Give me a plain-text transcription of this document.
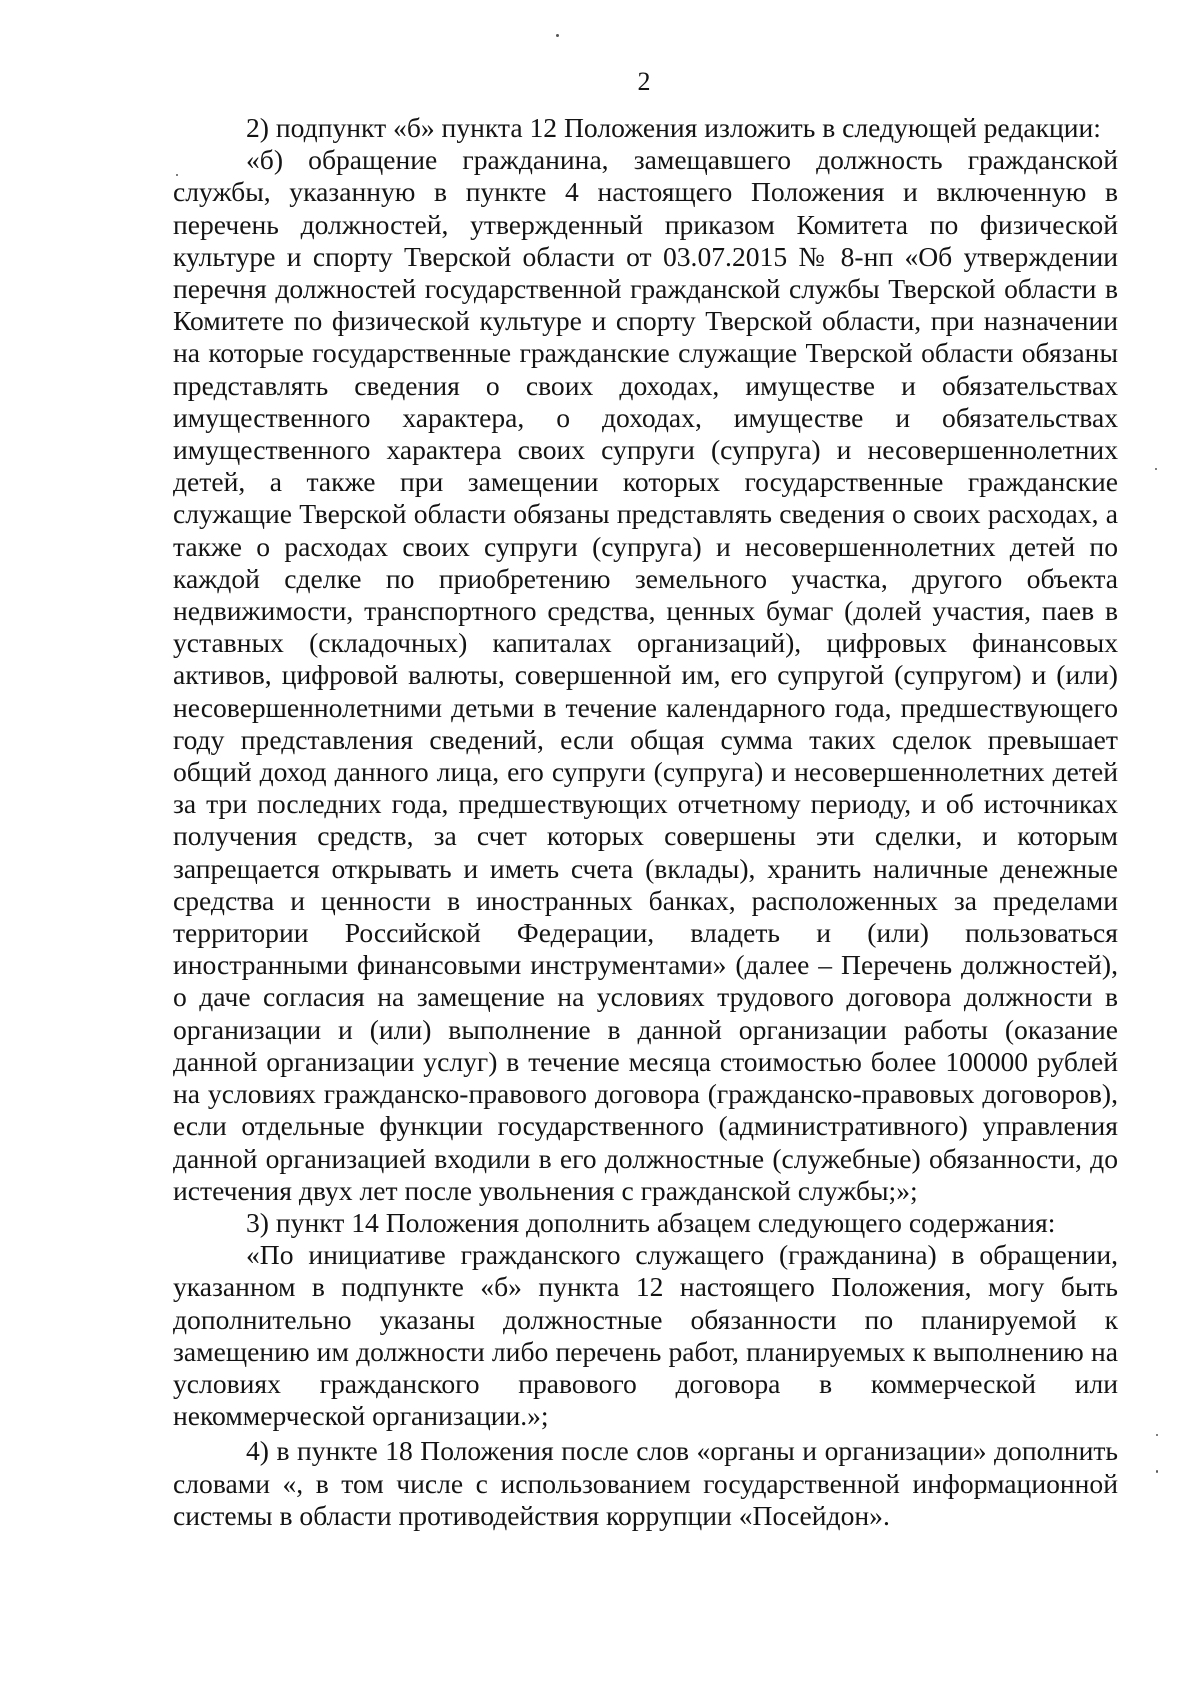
2

2) подпункт «б» пункта 12 Положения изложить в следующей редакции:

«б) обращение гражданина, замещавшего должность гражданской службы, указанную в пункте 4 настоящего Положения и включенную в перечень должностей, утвержденный приказом Комитета по физической культуре и спорту Тверской области от 03.07.2015 № 8-нп «Об утверждении перечня должностей государственной гражданской службы Тверской области в Комитете по физической культуре и спорту Тверской области, при назначении на которые государственные гражданские служащие Тверской области обязаны представлять сведения о своих доходах, имуществе и обязательствах имущественного характера, о доходах, имуществе и обязательствах имущественного характера своих супруги (супруга) и несовершеннолетних детей, а также при замещении которых государственные гражданские служащие Тверской области обязаны представлять сведения о своих расходах, а также о расходах своих супруги (супруга) и несовершеннолетних детей по каждой сделке по приобретению земельного участка, другого объекта недвижимости, транспортного средства, ценных бумаг (долей участия, паев в уставных (складочных) капиталах организаций), цифровых финансовых активов, цифровой валюты, совершенной им, его супругой (супругом) и (или) несовершеннолетними детьми в течение календарного года, предшествующего году представления сведений, если общая сумма таких сделок превышает общий доход данного лица, его супруги (супруга) и несовершеннолетних детей за три последних года, предшествующих отчетному периоду, и об источниках получения средств, за счет которых совершены эти сделки, и которым запрещается открывать и иметь счета (вклады), хранить наличные денежные средства и ценности в иностранных банках, расположенных за пределами территории Российской Федерации, владеть и (или) пользоваться иностранными финансовыми инструментами» (далее – Перечень должностей), о даче согласия на замещение на условиях трудового договора должности в организации и (или) выполнение в данной организации работы (оказание данной организации услуг) в течение месяца стоимостью более 100000 рублей на условиях гражданско-правового договора (гражданско-правовых договоров), если отдельные функции государственного (административного) управления данной организацией входили в его должностные (служебные) обязанности, до истечения двух лет после увольнения с гражданской службы;»;

3) пункт 14 Положения дополнить абзацем следующего содержания:

«По инициативе гражданского служащего (гражданина) в обращении, указанном в подпункте «б» пункта 12 настоящего Положения, могу быть дополнительно указаны должностные обязанности по планируемой к замещению им должности либо перечень работ, планируемых к выполнению на условиях гражданского правового договора в коммерческой или некоммерческой организации.»;

4) в пункте 18 Положения после слов «органы и организации» дополнить словами «, в том числе с использованием государственной информационной системы в области противодействия коррупции «Посейдон».
